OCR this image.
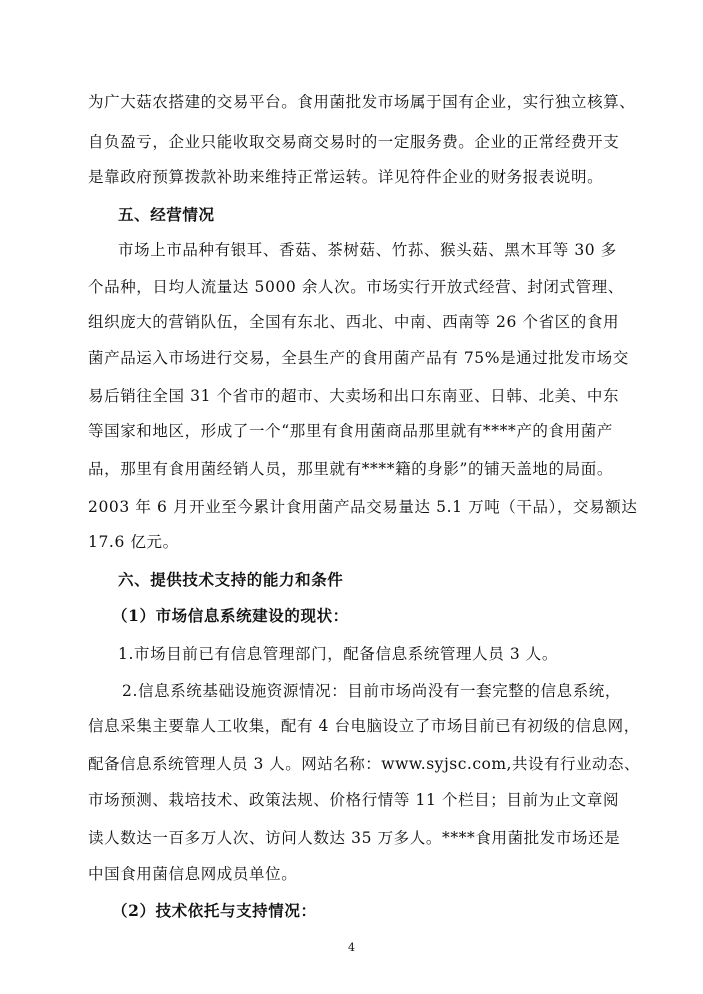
为广大菇农搭建的交易平台。食用菌批发市场属于国有企业，实行独立核算、
自负盈亏，企业只能收取交易商交易时的一定服务费。企业的正常经费开支
是靠政府预算拨款补助来维持正常运转。详见符件企业的财务报表说明。
五、经营情况
市场上市品种有银耳、香菇、茶树菇、竹荪、猴头菇、黑木耳等 30 多
个品种，日均人流量达 5000 余人次。市场实行开放式经营、封闭式管理、
组织庞大的营销队伍，全国有东北、西北、中南、西南等 26 个省区的食用
菌产品运入市场进行交易，全县生产的食用菌产品有 75%是通过批发市场交
易后销往全国 31 个省市的超市、大卖场和出口东南亚、日韩、北美、中东
等国家和地区，形成了一个“那里有食用菌商品那里就有****产的食用菌产
品，那里有食用菌经销人员，那里就有****籍的身影”的铺天盖地的局面。
2003 年 6 月开业至今累计食用菌产品交易量达 5.1 万吨（干品），交易额达
17.6 亿元。
六、提供技术支持的能力和条件
（1）市场信息系统建设的现状：
1.市场目前已有信息管理部门，配备信息系统管理人员 3 人。
2.信息系统基础设施资源情况：目前市场尚没有一套完整的信息系统，
信息采集主要靠人工收集，配有 4 台电脑设立了市场目前已有初级的信息网，
配备信息系统管理人员 3 人。网站名称：www.syjsc.com,共设有行业动态、
市场预测、栽培技术、政策法规、价格行情等 11 个栏目；目前为止文章阅
读人数达一百多万人次、访问人数达 35 万多人。****食用菌批发市场还是
中国食用菌信息网成员单位。
（2）技术依托与支持情况：
4
